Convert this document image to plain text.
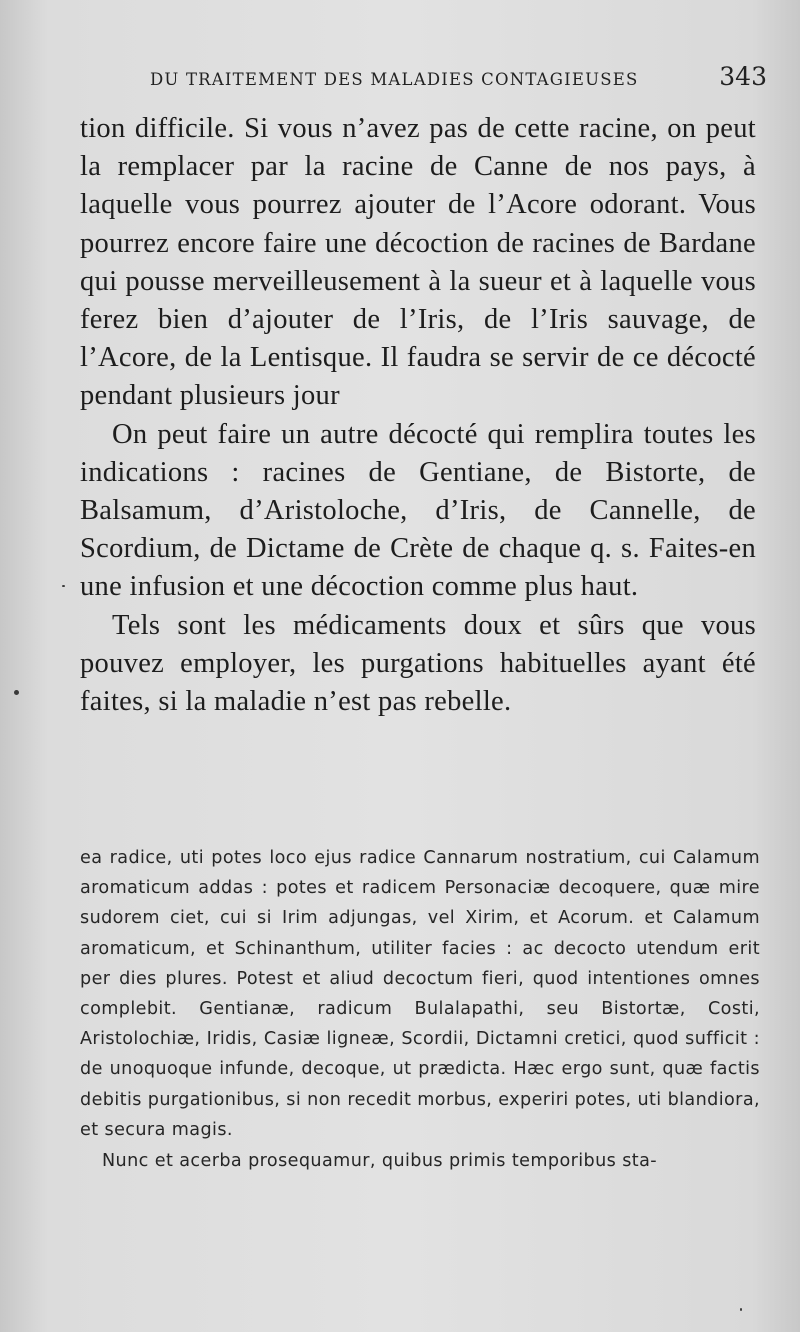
DU TRAITEMENT DES MALADIES CONTAGIEUSES	343

tion difficile. Si vous n’avez pas de cette racine, on peut la remplacer par la racine de Canne de nos pays, à laquelle vous pourrez ajouter de l’Acore odorant. Vous pourrez encore faire une décoction de racines de Bardane qui pousse merveilleusement à la sueur et à laquelle vous ferez bien d’ajouter de l’Iris, de l’Iris sauvage, de l’Acore, de la Lentisque. Il faudra se servir de ce décocté pendant plusieurs jour

On peut faire un autre décocté qui remplira toutes les indications : racines de Gentiane, de Bistorte, de Balsamum, d’Aristoloche, d’Iris, de Cannelle, de Scordium, de Dictame de Crète de chaque q. s. Faites-en une infusion et une décoction comme plus haut.

Tels sont les médicaments doux et sûrs que vous pouvez employer, les purgations habituelles ayant été faites, si la maladie n’est pas rebelle.

ea radice, uti potes loco ejus radice Cannarum nostratium, cui Calamum aromaticum addas : potes et radicem Personaciæ decoquere, quæ mire sudorem ciet, cui si Irim adjungas, vel Xirim, et Acorum. et Calamum aromaticum, et Schinanthum, utiliter facies : ac decocto utendum erit per dies plures. Potest et aliud decoctum fieri, quod intentiones omnes complebit. Gentianæ, radicum Bulalapathi, seu Bistortæ, Costi, Aristolochiæ, Iridis, Casiæ ligneæ, Scordii, Dictamni cretici, quod sufficit : de unoquoque infunde, decoque, ut prædicta. Hæc ergo sunt, quæ factis debitis purgationibus, si non recedit morbus, experiri potes, uti blandiora, et secura magis.

Nunc et acerba prosequamur, quibus primis temporibus sta-
